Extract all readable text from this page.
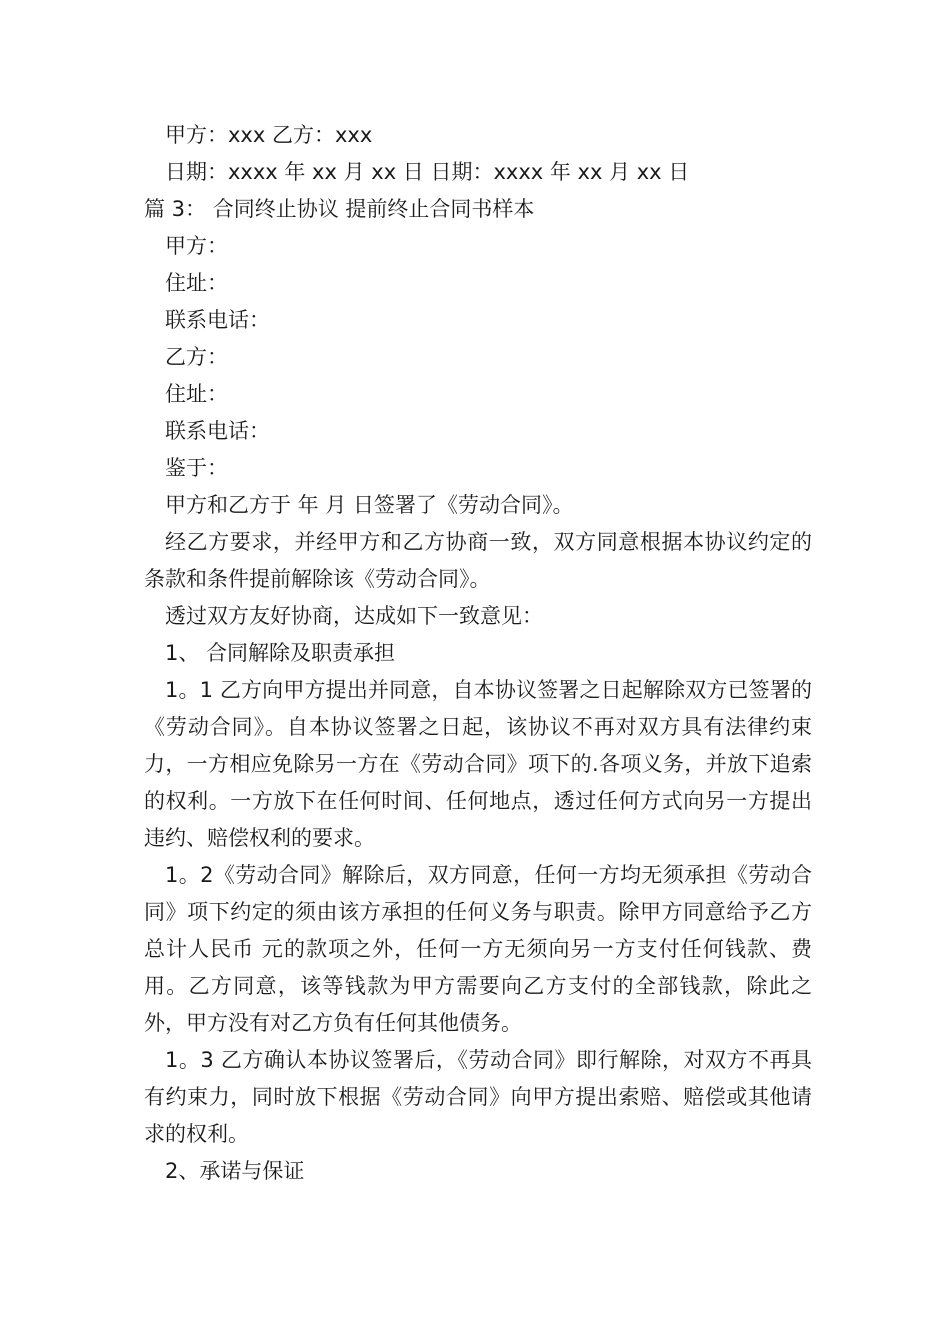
甲方：xxx 乙方：xxx

日期：xxxx 年 xx 月 xx 日 日期：xxxx 年 xx 月 xx 日

篇 3： 合同终止协议 提前终止合同书样本

甲方：

住址：

联系电话：

乙方：

住址：

联系电话：

鉴于：

甲方和乙方于 年 月 日签署了《劳动合同》。

经乙方要求，并经甲方和乙方协商一致，双方同意根据本协议约定的条款和条件提前解除该《劳动合同》。

透过双方友好协商，达成如下一致意见：

1、 合同解除及职责承担

1。1 乙方向甲方提出并同意，自本协议签署之日起解除双方已签署的《劳动合同》。自本协议签署之日起，该协议不再对双方具有法律约束力，一方相应免除另一方在《劳动合同》项下的.各项义务，并放下追索的权利。一方放下在任何时间、任何地点，透过任何方式向另一方提出违约、赔偿权利的要求。

1。2《劳动合同》解除后，双方同意，任何一方均无须承担《劳动合同》项下约定的须由该方承担的任何义务与职责。除甲方同意给予乙方总计人民币 元的款项之外，任何一方无须向另一方支付任何钱款、费用。乙方同意，该等钱款为甲方需要向乙方支付的全部钱款，除此之外，甲方没有对乙方负有任何其他债务。

1。3 乙方确认本协议签署后，《劳动合同》即行解除，对双方不再具有约束力，同时放下根据《劳动合同》向甲方提出索赔、赔偿或其他请求的权利。

2、承诺与保证
